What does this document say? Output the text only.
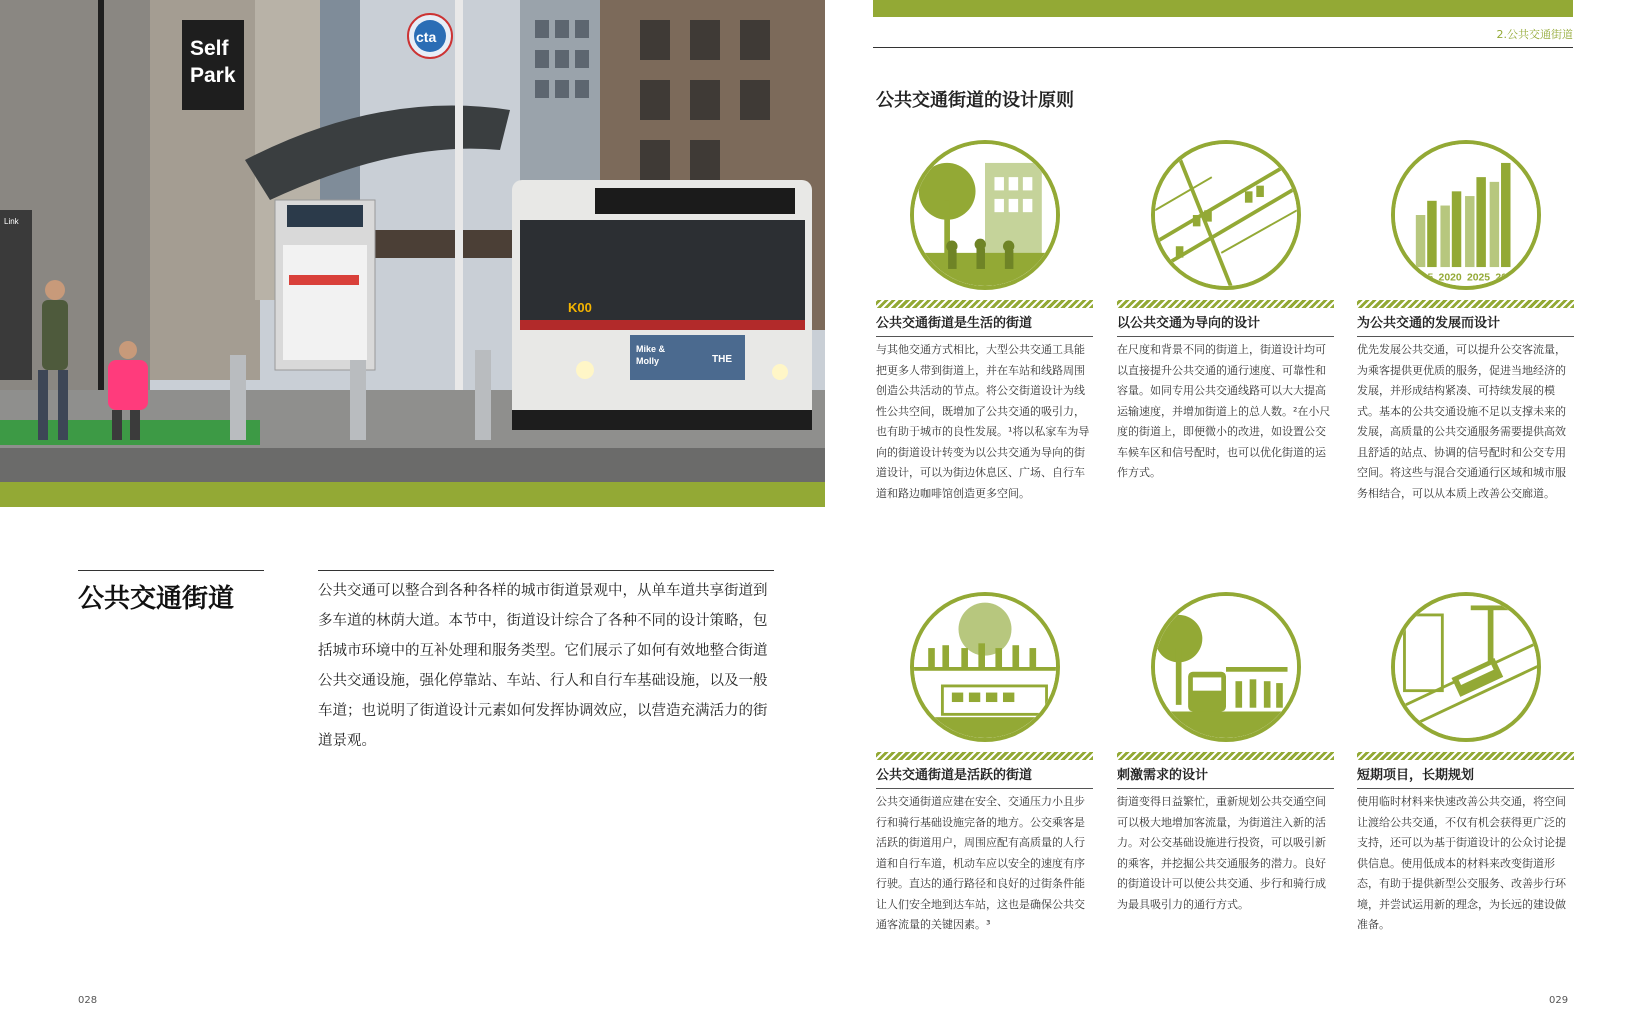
Self
Park
cta
K00
Mike &
Molly	THE
Link
公共交通街道	公共交通可以整合到各种各样的城市街道景观中，从单车道共享街道到多车道的林荫大道。本节中，街道设计综合了各种不同的设计策略，包括城市环境中的互补处理和服务类型。它们展示了如何有效地整合街道公共交通设施，强化停靠站、车站、行人和自行车基础设施，以及一般车道；也说明了街道设计元素如何发挥协调效应，以营造充满活力的街道景观。
028
2.公共交通街道
公共交通街道的设计原则
公共交通街道是生活的街道
与其他交通方式相比，大型公共交通工具能把更多人带到街道上，并在车站和线路周围创造公共活动的节点。将公交街道设计为线性公共空间，既增加了公共交通的吸引力，也有助于城市的良性发展。¹将以私家车为导向的街道设计转变为以公共交通为导向的街道设计，可以为街边休息区、广场、自行车道和路边咖啡馆创造更多空间。
以公共交通为导向的设计
在尺度和背景不同的街道上，街道设计均可以直接提升公共交通的通行速度、可靠性和容量。如同专用公共交通线路可以大大提高运输速度，并增加街道上的总人数。²在小尺度的街道上，即便微小的改进，如设置公交车候车区和信号配时，也可以优化街道的运作方式。
2015 2020 2025 2030
为公共交通的发展而设计
优先发展公共交通，可以提升公交客流量，为乘客提供更优质的服务，促进当地经济的发展，并形成结构紧凑、可持续发展的模式。基本的公共交通设施不足以支撑未来的发展，高质量的公共交通服务需要提供高效且舒适的站点、协调的信号配时和公交专用空间。将这些与混合交通通行区域和城市服务相结合，可以从本质上改善公交廊道。
公共交通街道是活跃的街道
公共交通街道应建在安全、交通压力小且步行和骑行基础设施完备的地方。公交乘客是活跃的街道用户，周围应配有高质量的人行道和自行车道，机动车应以安全的速度有序行驶。直达的通行路径和良好的过街条件能让人们安全地到达车站，这也是确保公共交通客流量的关键因素。³
刺激需求的设计
街道变得日益繁忙，重新规划公共交通空间可以极大地增加客流量，为街道注入新的活力。对公交基础设施进行投资，可以吸引新的乘客，并挖掘公共交通服务的潜力。良好的街道设计可以使公共交通、步行和骑行成为最具吸引力的通行方式。
短期项目，长期规划
使用临时材料来快速改善公共交通，将空间让渡给公共交通，不仅有机会获得更广泛的支持，还可以为基于街道设计的公众讨论提供信息。使用低成本的材料来改变街道形态，有助于提供新型公交服务、改善步行环境，并尝试运用新的理念，为长远的建设做准备。
029
